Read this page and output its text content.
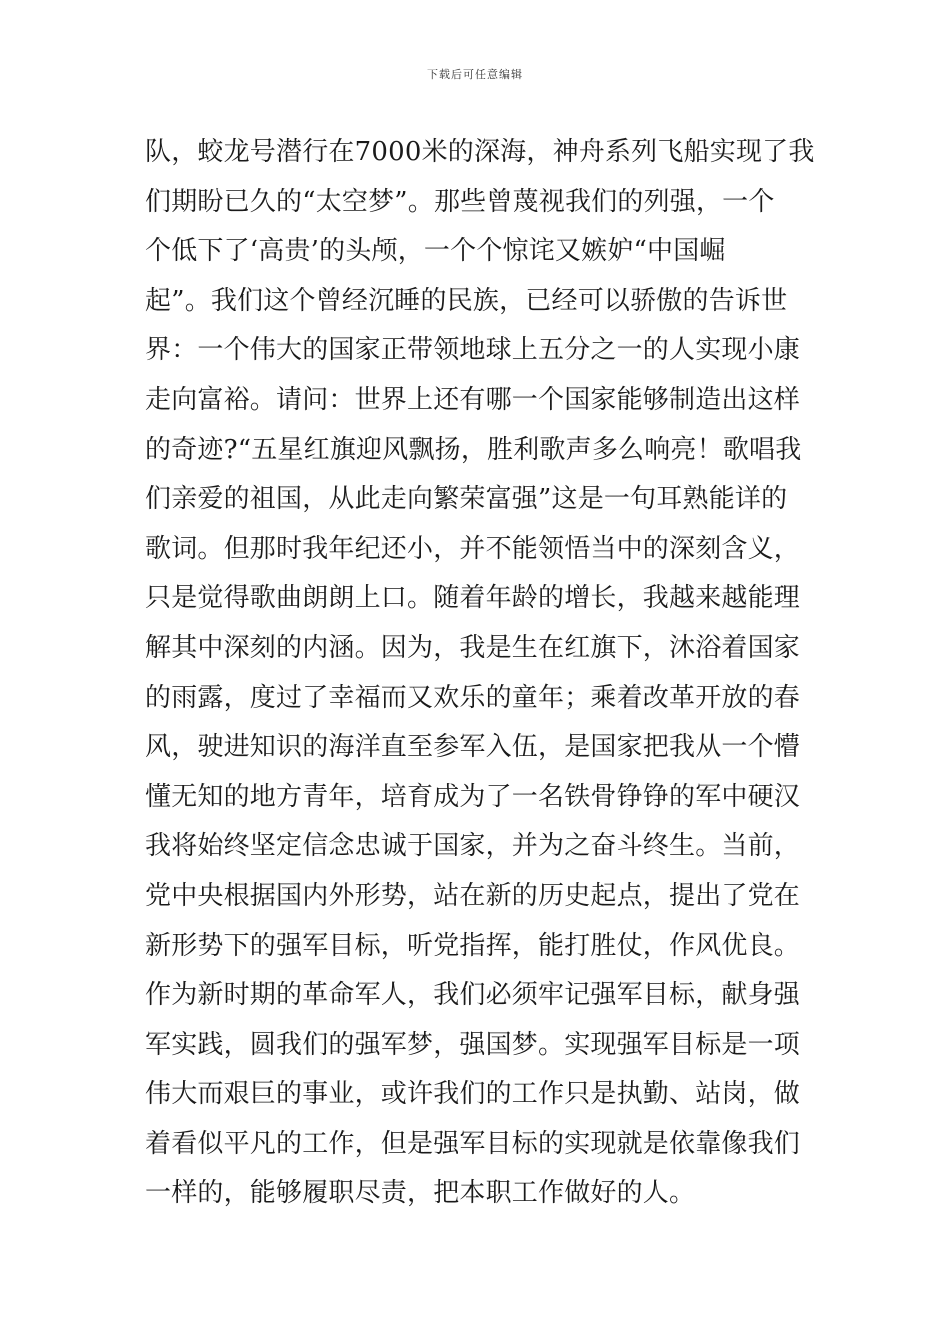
下载后可任意编辑
队，蛟龙号潜行在7000米的深海，神舟系列飞船实现了我
们期盼已久的“太空梦”。那些曾蔑视我们的列强，一个
个低下了‘高贵’的头颅，一个个惊诧又嫉妒“中国崛
起”。我们这个曾经沉睡的民族，已经可以骄傲的告诉世
界：一个伟大的国家正带领地球上五分之一的人实现小康
走向富裕。请问：世界上还有哪一个国家能够制造出这样
的奇迹?“五星红旗迎风飘扬，胜利歌声多么响亮！歌唱我
们亲爱的祖国，从此走向繁荣富强”这是一句耳熟能详的
歌词。但那时我年纪还小，并不能领悟当中的深刻含义，
只是觉得歌曲朗朗上口。随着年龄的增长，我越来越能理
解其中深刻的内涵。因为，我是生在红旗下，沐浴着国家
的雨露，度过了幸福而又欢乐的童年；乘着改革开放的春
风，驶进知识的海洋直至参军入伍，是国家把我从一个懵
懂无知的地方青年，培育成为了一名铁骨铮铮的军中硬汉
我将始终坚定信念忠诚于国家，并为之奋斗终生。当前，
党中央根据国内外形势，站在新的历史起点，提出了党在
新形势下的强军目标，听党指挥，能打胜仗，作风优良。
作为新时期的革命军人，我们必须牢记强军目标，献身强
军实践，圆我们的强军梦，强国梦。实现强军目标是一项
伟大而艰巨的事业，或许我们的工作只是执勤、站岗，做
着看似平凡的工作，但是强军目标的实现就是依靠像我们
一样的，能够履职尽责，把本职工作做好的人。
